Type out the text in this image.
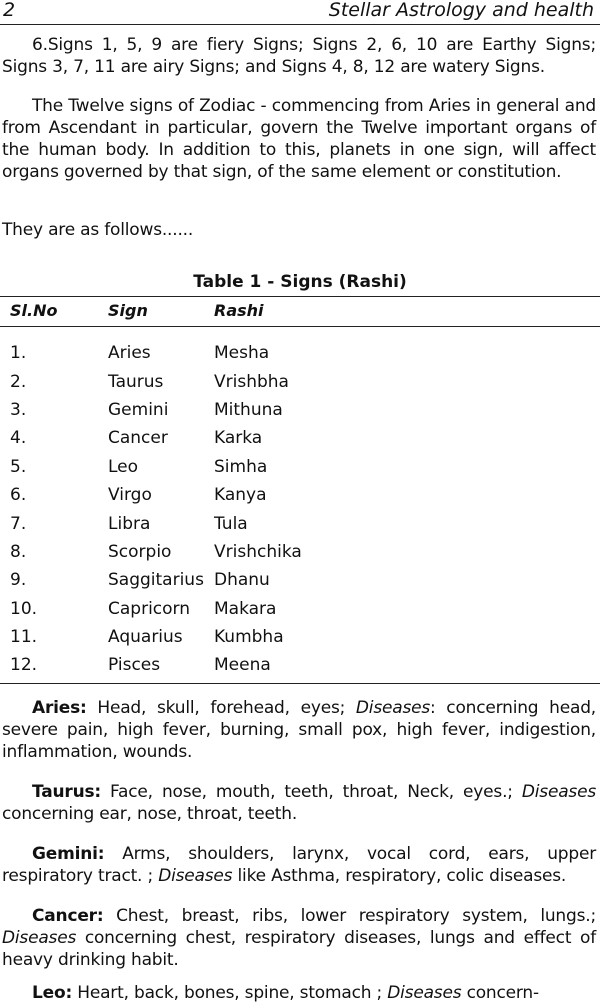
2	Stellar Astrology and health

6.Signs 1, 5, 9 are fiery Signs; Signs 2, 6, 10 are Earthy Signs; Signs 3, 7, 11 are airy Signs; and Signs 4, 8, 12 are watery Signs.

The Twelve signs of Zodiac - commencing from Aries in general and from Ascendant in particular, govern the Twelve important organs of the human body. In addition to this, planets in one sign, will affect organs governed by that sign, of the same element or constitution.

They are as follows......

Table 1 - Signs (Rashi)
Sl.No	Sign	Rashi
1.	Aries	Mesha
2.	Taurus	Vrishbha
3.	Gemini	Mithuna
4.	Cancer	Karka
5.	Leo	Simha
6.	Virgo	Kanya
7.	Libra	Tula
8.	Scorpio	Vrishchika
9.	Saggitarius	Dhanu
10.	Capricorn	Makara
11.	Aquarius	Kumbha
12.	Pisces	Meena

Aries: Head, skull, forehead, eyes; Diseases: concerning head, severe pain, high fever, burning, small pox, high fever, indigestion, inflammation, wounds.

Taurus: Face, nose, mouth, teeth, throat, Neck, eyes.; Diseases concerning ear, nose, throat, teeth.

Gemini: Arms, shoulders, larynx, vocal cord, ears, upper respiratory tract. ; Diseases like Asthma, respiratory, colic diseases.

Cancer: Chest, breast, ribs, lower respiratory system, lungs.; Diseases concerning chest, respiratory diseases, lungs and effect of heavy drinking habit.

Leo: Heart, back, bones, spine, stomach ; Diseases concern-
